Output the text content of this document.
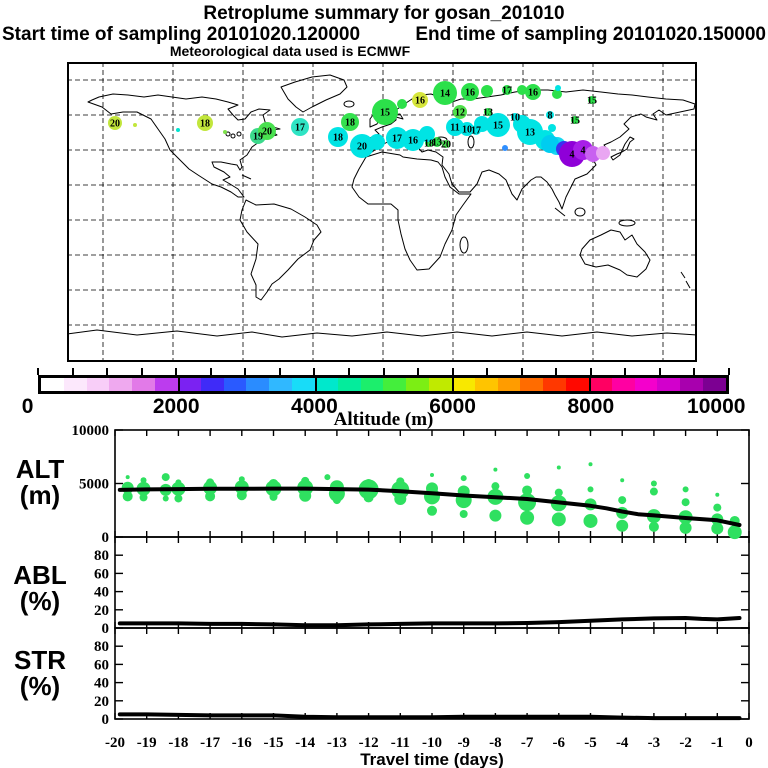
Retroplume summary for gosan_201010
Start time of sampling 20101020.120000	End time of sampling 20101020.150000
Meteorological data used is ECMWF
20	18
19 20 17
18
18
20
15
17 16
16
14 16	17 16
15
15
12 13
18
13 20
11 10 17 15
10
13
8
4 4
0	2000	4000	6000	8000	10000
Altitude (m)
ALT
(m)
ABL
(%)
STR
(%)
0
5000
10000
0
20
40
60
80
0
20
40
60
80
-20 -19 -18 -17 -16 -15 -14 -13 -12 -11 -10 -9 -8 -7 -6 -5 -4 -3 -2 -1 0
Travel time (days)
